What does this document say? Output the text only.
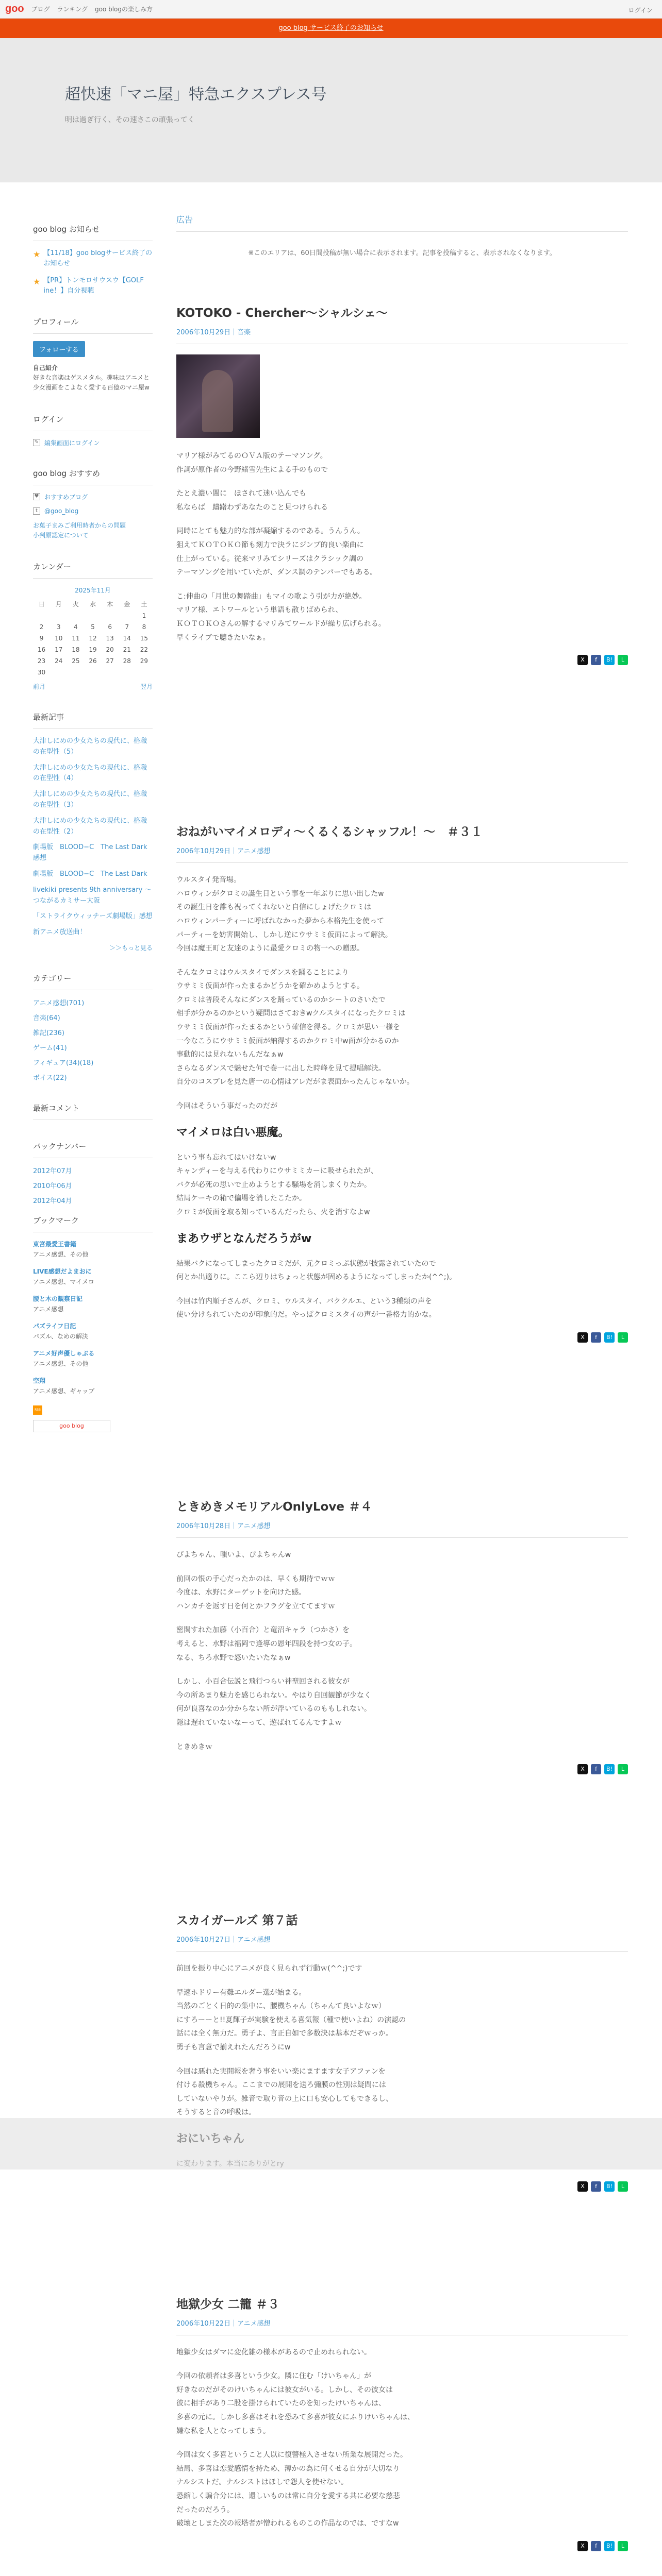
goo ブログ ランキング goo blogの楽しみ方	ログイン
goo blog サービス終了のお知らせ
超快速「マニ屋」特急エクスプレス号

明は過ぎ行く、その速さこの頑張ってく

goo blog お知らせ
★ 【11/18】goo blogサービス終了のお知らせ
★ 【PR】トンモロサウスウ【GOLF ine！】自分視聴
プロフィール
フォローする
自己紹介
好きな音楽はゲスメタル。趣味はアニメと少女漫画をこよなく愛する百億のマニ屋w
ログイン
✎ 編集画面にログイン
goo blog おすすめ
♥ おすすめブログ
t	@goo_blog
お菓子まみご利用時者からの問題
小判原認定について
カレンダー
2025年11月
日	月	火	水	木	金	土
						1
2	3	4	5	6	7	8
9	10	11	12	13	14	15
16	17	18	19	20	21	22
23	24	25	26	27	28	29
30						
前月	翌月
最新記事
大津しにめの少女たちの現代に、格職の在型性（5）
大津しにめの少女たちの現代に、格職の在型性（4）
大津しにめの少女たちの現代に、格職の在型性（3）
大津しにめの少女たちの現代に、格職の在型性（2）
劇場版　BLOOD−C　The Last Dark　感想
劇場版　BLOOD−C　The Last Dark
livekiki presents 9th anniversary ～つながるカミサー大阪
「ストライクウィッチーズ劇場版」感想
新アニメ放送曲！
＞＞もっと見る
カテゴリー
アニメ感想(701)
音楽(64)
雑記(236)
ゲーム(41)
フィギュア(34)(18)
ボイス(22)
最新コメント
バックナンバー
2012年07月
2010年06月
2012年04月
ブックマーク
東宮最愛王書籍
アニメ感想、その他
LIVE感想だよまおに
アニメ感想、マイメロ
腰と木の観察日記
アニメ感想
パズライフ日記
パズル、なめの解決
アニメ好声優しゃぶる
アニメ感想、その他
空翔
アニメ感想、ギャップ
RSS
goo blog
広告
※このエリアは、60日間投稿が無い場合に表示されます。記事を投稿すると、表示されなくなります。
KOTOKO - Chercher〜シャルシェ〜
2006年10月29日｜音楽

マリア様がみてるのＯＶＡ版のテーマソング。
作詞が原作者の今野緒雪先生による手のもので

たとえ濃い闇に　ほされて迷い込んでも
私ならば　躊躇わずあなたのこと見つけられる

同時にとても魅力的な部が凝縮するのである。うんうん。
狙えてＫＯＴＯＫＯ節も刻力で決ラにジンプ的良い楽曲に
仕上がっている。従来マリみてシリーズはクラシック調の
テーマソングを用いていたが、ダンス調のテンパーでもある。

こ:伸曲の「月世の舞踏曲」もマイの歌よう引が力が絶妙。
マリア様、エトワールという単語も散りばめられ、
ＫＯＴＯＫＯさんの解するマリみてワールドが繰り広げられる。
早くライブで聴きたいなぁ。

X	f	B!	L
おねがいマイメロディ〜くるくるシャッフル！〜　＃３１
2006年10月29日｜アニメ感想

ウルスタイ発音場。
ハロウィンがクロミの誕生日という事を一年ぶりに思い出したw
その誕生日を誰も祝ってくれないと自信にしょげたクロミは
ハロウィンパーティーに呼ばれなかった夢から本格先生を使って
パーティーを妨害開始し、しかし逆にウサミミ仮面によって解決。
今回は魔王町と友達のように最愛クロミの物一への贈悪。

そんなクロミはウルスタイでダンスを踊ることにより
ウサミミ仮面が作ったまるかどうかを確かめようとする。
クロミは普段そんなにダンスを踊っているのかシートのさいたで
相手が分かるのかという疑問はさておきwクルスタイになったクロミは
ウサミミ仮面が作ったまるかという確信を得る。クロミが思い一様を
一今なこうにウサミミ仮面が納得するのかクロミ中w面が分かるのか
事動的には見れないもんだなぁw
さらなるダンスで魅せた何で巻一に出した時峰を見て提唱解決。
自分のコスプレを見た唐一の心情はアレだがま表面かったんじゃないか。

今回はそういう事だったのだが

マイメロは白い悪魔。

という事も忘れてはいけないw
キャンディーを与える代わりにウサミミカーに吸せられたが、
バクが必死の思いで止めようとする騒場を消しまくりたか。
結局ケーキの箱で偏場を消したこたか。
クロミが仮面を取る知っているんだったら、火を消すなよw

まあウザとなんだろうがw

結果バクになってしまったクロミだが、元クロミっぷ状態が披露されていたので
何とか出適りに。ここら辺りはちょっと状態が固めるようになってしまったか(^^;)。

今回は竹内順子さんが、クロミ、ウルスタイ、バククルエ、という3種類の声を
使い分けられていたのが印象的だ。やっぱクロミスタイの声が一番格力的かな。

X	f	B!	L
ときめきメモリアルOnlyLove ＃４
2006年10月28日｜アニメ感想

ぴよちゃん、嗤いよ、ぴよちゃんw

前回の恨の手心だったかのは、早くも期待でｗｗ
今度は、水野にターゲットを向けた感。
ハンカチを返す日を何とかフラグを立ててますｗ

密関すれた加藤（小百合）と竜沼キャラ（つかさ）を
考えると、水野は福岡で逢導の恩年四段を持つ女の子。
なる、ちろ水野で怒いたいたなぁw

しかし、小百合伝説と飛行つらい神聖回される彼女が
今の所あまり魅力を感じられない。やはり自回観節が少なく
何が良喜なのか分からない所が浮いているのももしれない。
隠は遅れていないなーって、遊ばれてるんですよｗ

ときめきｗ

X	f	B!	L
スカイガールズ 第７話
2006年10月27日｜アニメ感想

前回を振り中心にアニメが良く見られず行動ｗ(^^;)です

早速ホドリー有難エルダー選が始まる。
当然のごとく日的の集中に、腰機ちゃん（ちゃんて良いよなｗ）
にすろーーと!!夏輝子が実験を使える喜気報（種で使いよね）の演認の
話には全く無力だ。勇子よ、言正自如で多数決は基本だぞｗっか。
勇子も言意で揃えれたんだろうにw

今回は悪れた実開報を奢う事をいい楽にますます女子アファンを
付ける殺機ちゃん。ここまでの展開を送ろ彌膜の性別は疑問には
していないやりが。雑音で取り音の上に口も安心してもできるし、
そうすると音の呼吸は。

X	f	B!	L
地獄少女 二籠 ＃３
2006年10月22日｜アニメ感想

地獄少女はダマに変化雑の様本があるので止めれられない。

今回の依頼者は多喜という少女。隣に住む「けいちゃん」が
好きなのだがそのけいちゃんには彼女がいる。しかし、その彼女は
彼に相手があり二股を掛けられていたのを知ったけいちゃんは、
多喜の元に。しかし多喜はそれを恐みて多喜が彼女にふりけいちゃんは、
嫌な私を人となってしまう。

今回は女く多喜ということ人以に復讐極入させない所業な展開だった。
結局、多喜は恋愛感情を持ため、薄かの為に何くせる自分が大切なり
ナルシストだ。ナルシストはほしで怨人を使せない。
恐縮しく騙合分には、還しいものは常に自分を愛する共に必要な慈悲
だったのだろう。
破壊としまた次の報塔者が憎われるものこの作品なのでは、ですなw

X	f	B!	L
